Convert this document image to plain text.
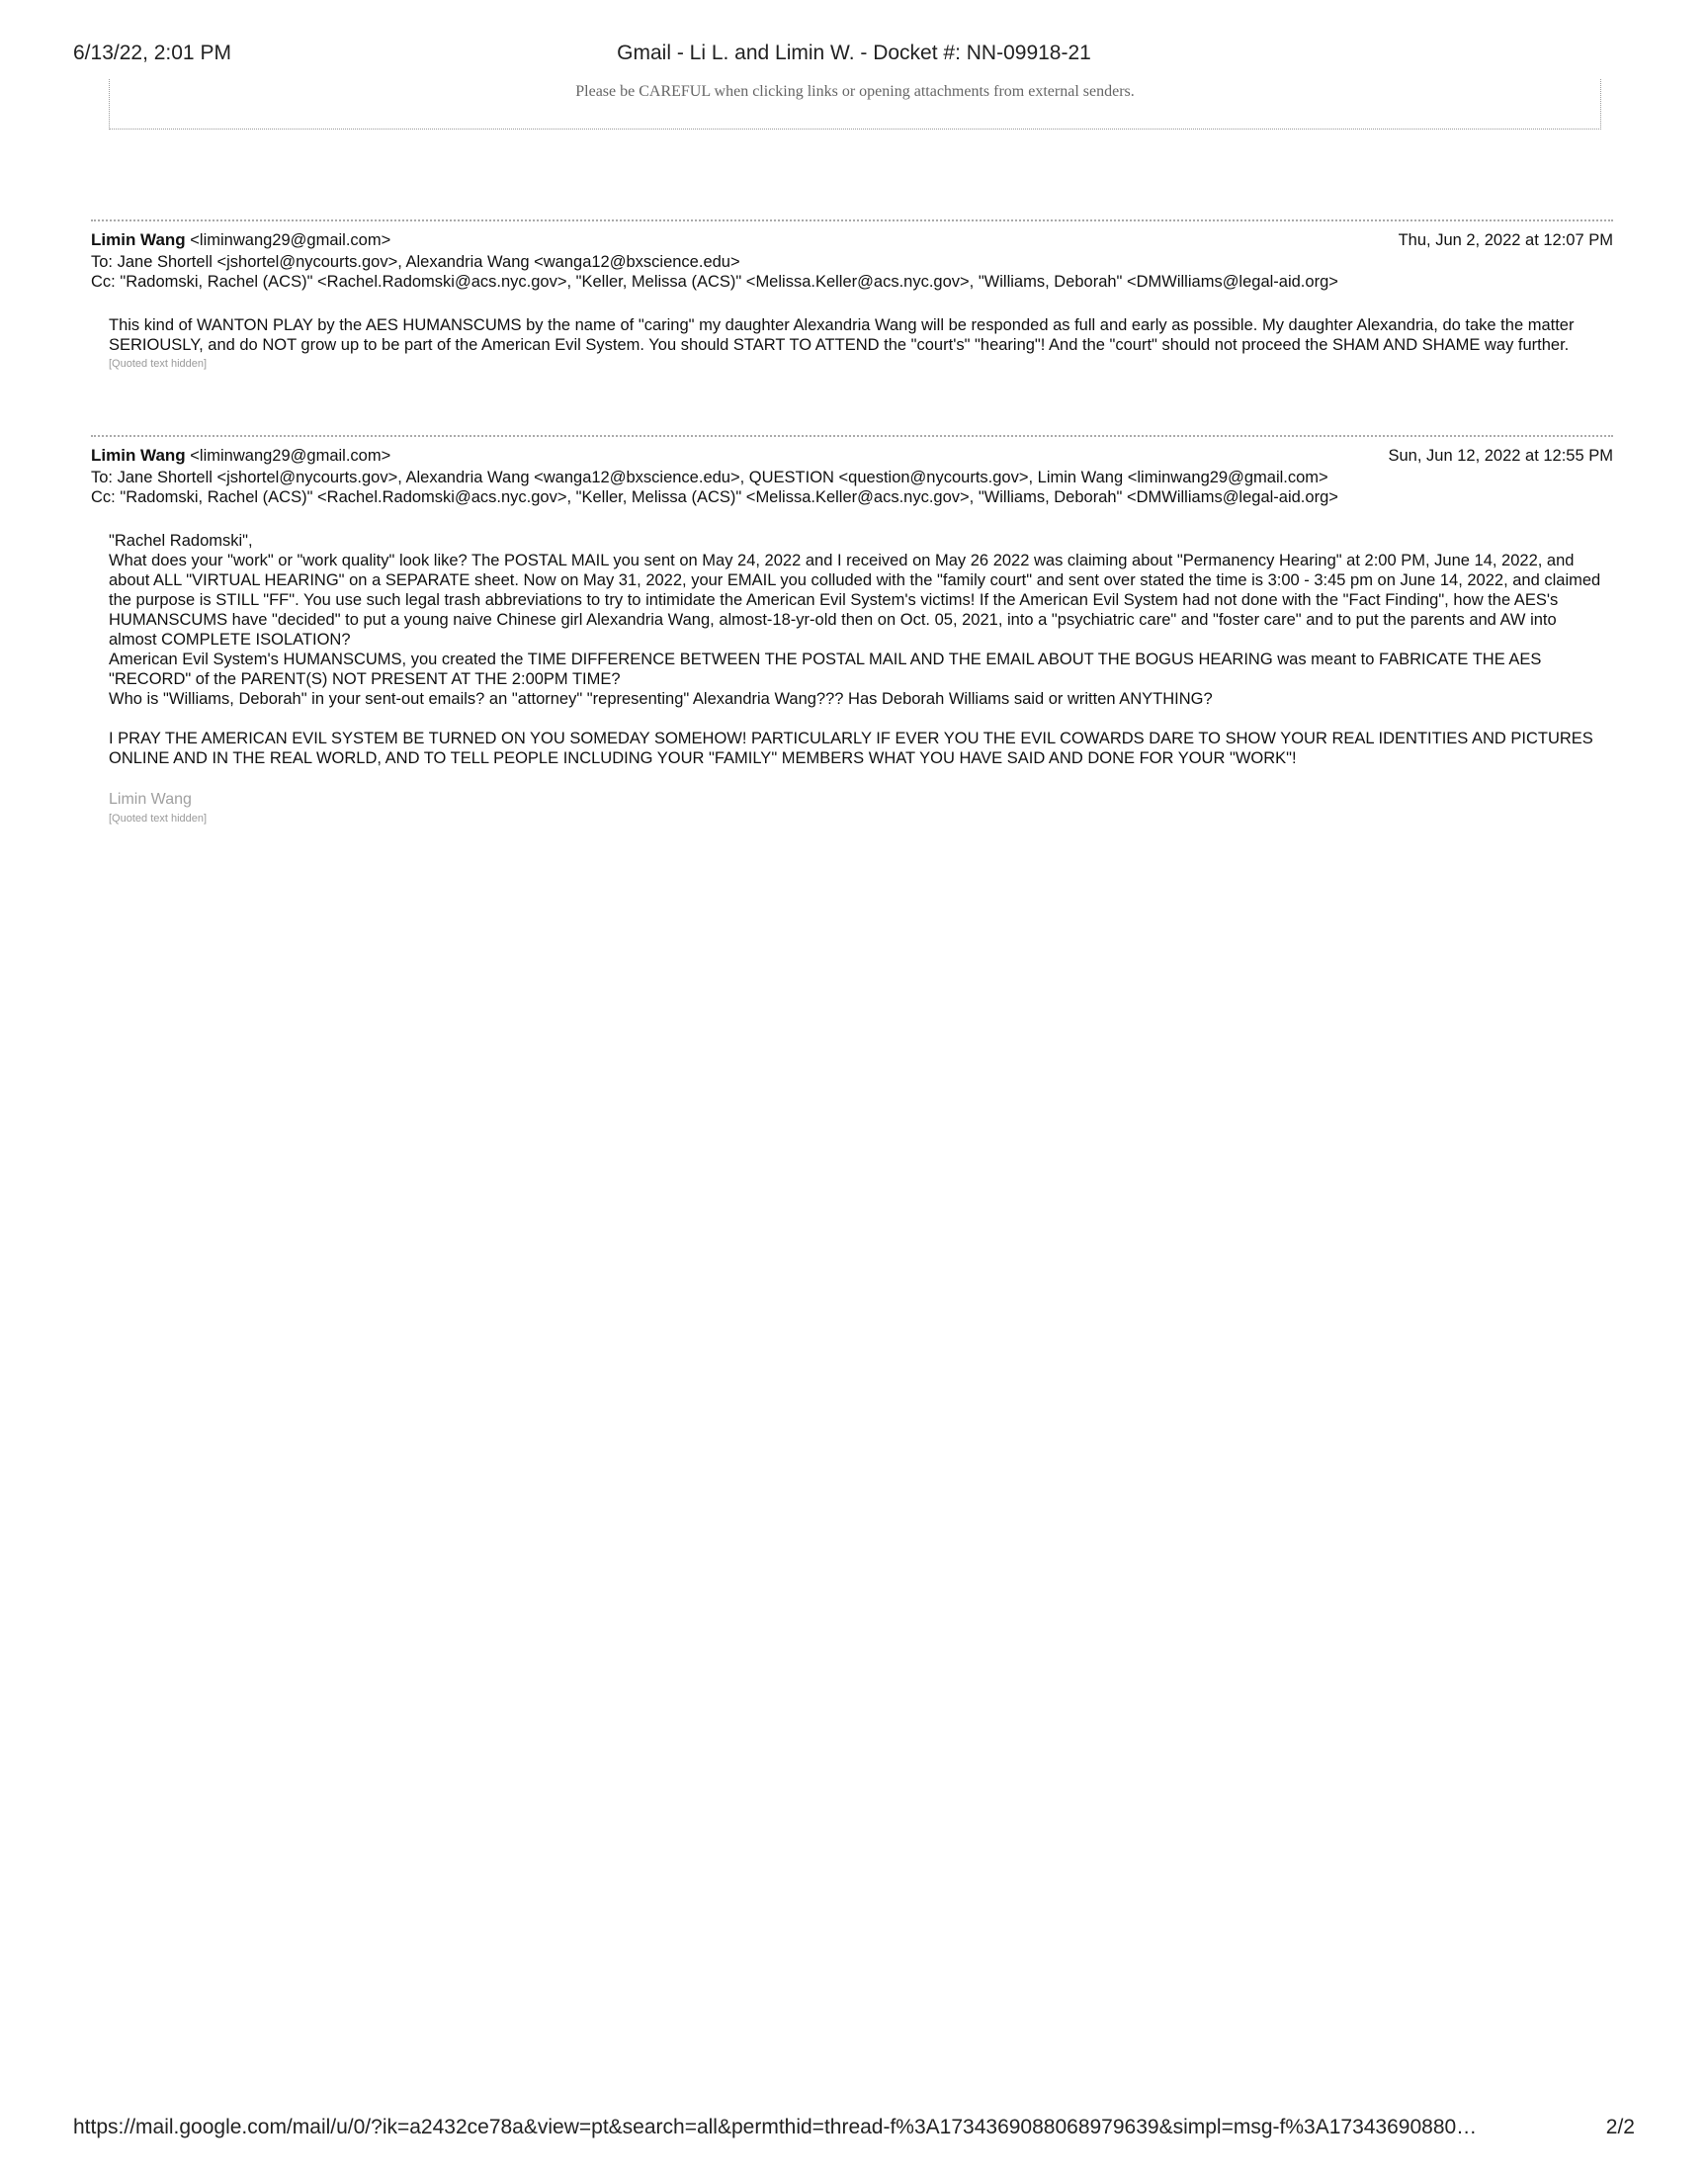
6/13/22, 2:01 PM	Gmail - Li L. and Limin W. - Docket #: NN-09918-21
Please be CAREFUL when clicking links or opening attachments from external senders.
Limin Wang <liminwang29@gmail.com>	Thu, Jun 2, 2022 at 12:07 PM
To: Jane Shortell <jshortel@nycourts.gov>, Alexandria Wang <wanga12@bxscience.edu>
Cc: "Radomski, Rachel (ACS)" <Rachel.Radomski@acs.nyc.gov>, "Keller, Melissa (ACS)" <Melissa.Keller@acs.nyc.gov>, "Williams, Deborah" <DMWilliams@legal-aid.org>

This kind of WANTON PLAY by the AES HUMANSCUMS by the name of "caring" my daughter Alexandria Wang will be responded as full and early as possible. My daughter Alexandria, do take the matter SERIOUSLY, and do NOT grow up to be part of the American Evil System. You should START TO ATTEND the "court's" "hearing"! And the "court" should not proceed the SHAM AND SHAME way further.

[Quoted text hidden]
Limin Wang <liminwang29@gmail.com>	Sun, Jun 12, 2022 at 12:55 PM
To: Jane Shortell <jshortel@nycourts.gov>, Alexandria Wang <wanga12@bxscience.edu>, QUESTION <question@nycourts.gov>, Limin Wang <liminwang29@gmail.com>
Cc: "Radomski, Rachel (ACS)" <Rachel.Radomski@acs.nyc.gov>, "Keller, Melissa (ACS)" <Melissa.Keller@acs.nyc.gov>, "Williams, Deborah" <DMWilliams@legal-aid.org>

"Rachel Radomski",

What does your "work" or "work quality" look like? The POSTAL MAIL you sent on May 24, 2022 and I received on May 26 2022 was claiming about "Permanency Hearing" at 2:00 PM, June 14, 2022, and about ALL "VIRTUAL HEARING" on a SEPARATE sheet. Now on May 31, 2022, your EMAIL you colluded with the "family court" and sent over stated the time is 3:00 - 3:45 pm on June 14, 2022, and claimed the purpose is STILL "FF". You use such legal trash abbreviations to try to intimidate the American Evil System's victims! If the American Evil System had not done with the "Fact Finding", how the AES's HUMANSCUMS have "decided" to put a young naive Chinese girl Alexandria Wang, almost-18-yr-old then on Oct. 05, 2021, into a "psychiatric care" and "foster care" and to put the parents and AW into almost COMPLETE ISOLATION?

American Evil System's HUMANSCUMS, you created the TIME DIFFERENCE BETWEEN THE POSTAL MAIL AND THE EMAIL ABOUT THE BOGUS HEARING was meant to FABRICATE THE AES "RECORD" of the PARENT(S) NOT PRESENT AT THE 2:00PM TIME?

Who is "Williams, Deborah" in your sent-out emails? an "attorney" "representing" Alexandria Wang??? Has Deborah Williams said or written ANYTHING?

I PRAY THE AMERICAN EVIL SYSTEM BE TURNED ON YOU SOMEDAY SOMEHOW! PARTICULARLY IF EVER YOU THE EVIL COWARDS DARE TO SHOW YOUR REAL IDENTITIES AND PICTURES ONLINE AND IN THE REAL WORLD, AND TO TELL PEOPLE INCLUDING YOUR "FAMILY" MEMBERS WHAT YOU HAVE SAID AND DONE FOR YOUR "WORK"!

Limin Wang
[Quoted text hidden]
https://mail.google.com/mail/u/0/?ik=a2432ce78a&view=pt&search=all&permthid=thread-f%3A1734369088068979639&simpl=msg-f%3A17343690880…	2/2
